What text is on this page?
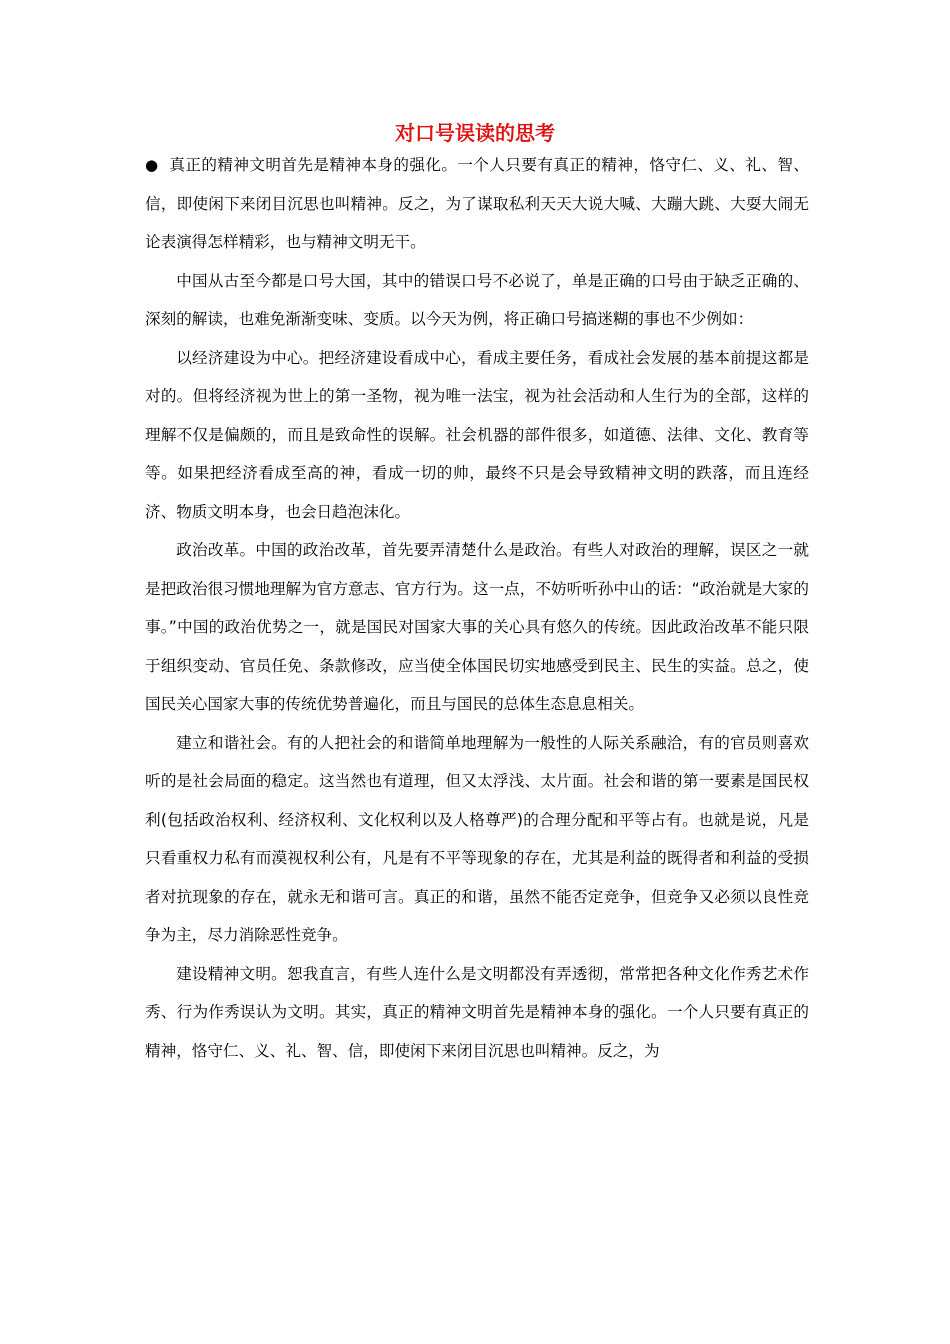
对口号误读的思考

● 真正的精神文明首先是精神本身的强化。一个人只要有真正的精神，恪守仁、义、礼、智、信，即使闲下来闭目沉思也叫精神。反之，为了谋取私利天天大说大喊、大蹦大跳、大耍大闹无论表演得怎样精彩，也与精神文明无干。

中国从古至今都是口号大国，其中的错误口号不必说了，单是正确的口号由于缺乏正确的、深刻的解读，也难免渐渐变味、变质。以今天为例，将正确口号搞迷糊的事也不少例如：

以经济建设为中心。把经济建设看成中心，看成主要任务，看成社会发展的基本前提这都是对的。但将经济视为世上的第一圣物，视为唯一法宝，视为社会活动和人生行为的全部，这样的理解不仅是偏颇的，而且是致命性的误解。社会机器的部件很多，如道德、法律、文化、教育等等。如果把经济看成至高的神，看成一切的帅，最终不只是会导致精神文明的跌落，而且连经济、物质文明本身，也会日趋泡沫化。

政治改革。中国的政治改革，首先要弄清楚什么是政治。有些人对政治的理解，误区之一就是把政治很习惯地理解为官方意志、官方行为。这一点，不妨听听孙中山的话：“政治就是大家的事。”中国的政治优势之一，就是国民对国家大事的关心具有悠久的传统。因此政治改革不能只限于组织变动、官员任免、条款修改，应当使全体国民切实地感受到民主、民生的实益。总之，使国民关心国家大事的传统优势普遍化，而且与国民的总体生态息息相关。

建立和谐社会。有的人把社会的和谐简单地理解为一般性的人际关系融洽，有的官员则喜欢听的是社会局面的稳定。这当然也有道理，但又太浮浅、太片面。社会和谐的第一要素是国民权利(包括政治权利、经济权利、文化权利以及人格尊严)的合理分配和平等占有。也就是说，凡是只看重权力私有而漠视权利公有，凡是有不平等现象的存在，尤其是利益的既得者和利益的受损者对抗现象的存在，就永无和谐可言。真正的和谐，虽然不能否定竞争，但竞争又必须以良性竞争为主，尽力消除恶性竞争。

建设精神文明。恕我直言，有些人连什么是文明都没有弄透彻，常常把各种文化作秀艺术作秀、行为作秀误认为文明。其实，真正的精神文明首先是精神本身的强化。一个人只要有真正的精神，恪守仁、义、礼、智、信，即使闲下来闭目沉思也叫精神。反之，为
